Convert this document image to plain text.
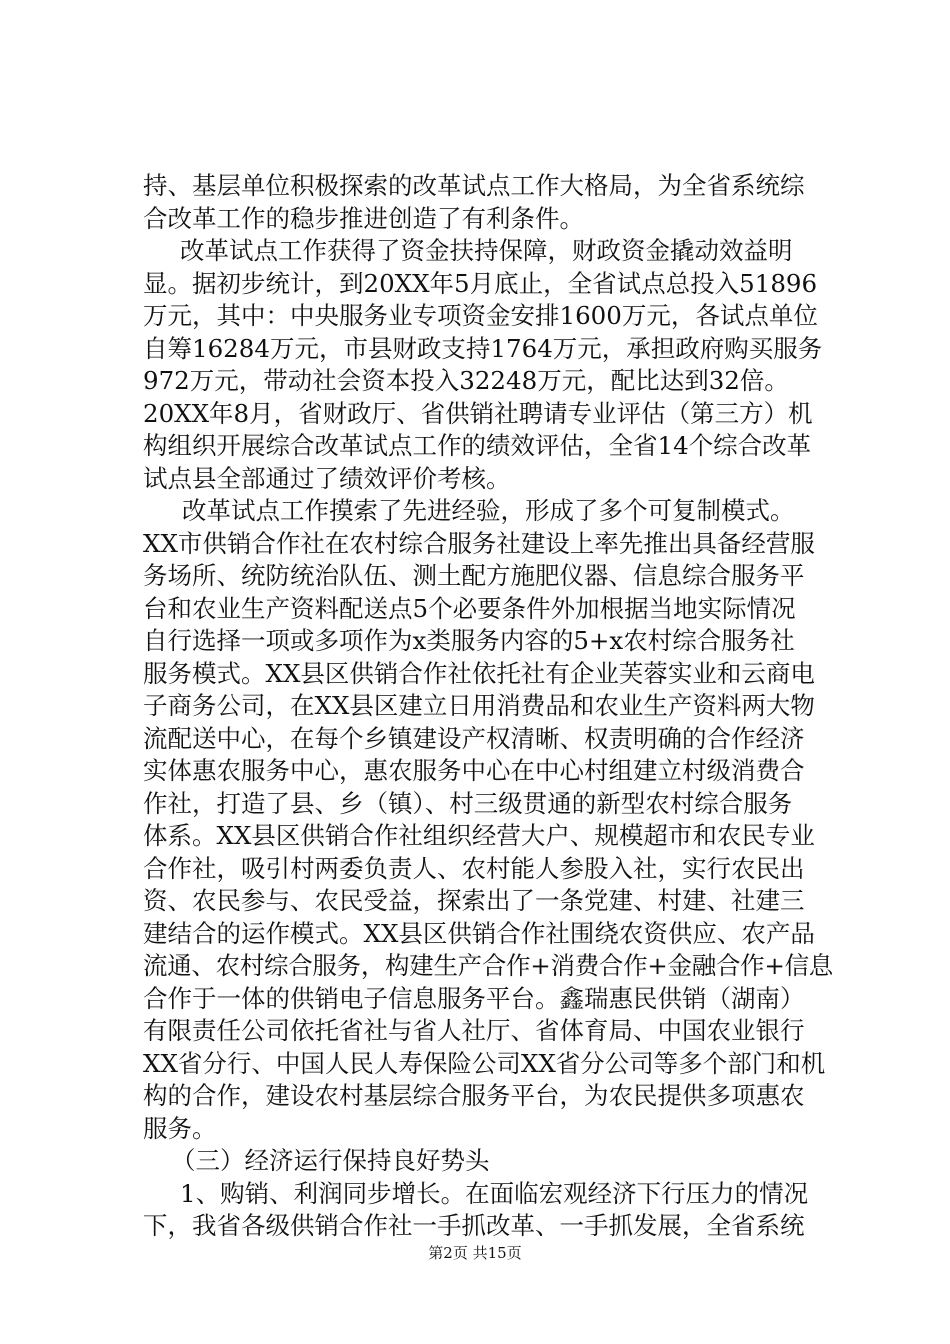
持、基层单位积极探索的改革试点工作大格局，为全省系统综
合改革工作的稳步推进创造了有利条件。
改革试点工作获得了资金扶持保障，财政资金撬动效益明
显。据初步统计，到20XX年5月底止，全省试点总投入51896
万元，其中：中央服务业专项资金安排1600万元，各试点单位
自筹16284万元，市县财政支持1764万元，承担政府购买服务
972万元，带动社会资本投入32248万元，配比达到32倍。
20XX年8月，省财政厅、省供销社聘请专业评估（第三方）机
构组织开展综合改革试点工作的绩效评估，全省14个综合改革
试点县全部通过了绩效评价考核。
改革试点工作摸索了先进经验，形成了多个可复制模式。
XX市供销合作社在农村综合服务社建设上率先推出具备经营服
务场所、统防统治队伍、测土配方施肥仪器、信息综合服务平
台和农业生产资料配送点5个必要条件外加根据当地实际情况
自行选择一项或多项作为x类服务内容的5+x农村综合服务社
服务模式。XX县区供销合作社依托社有企业芙蓉实业和云商电
子商务公司，在XX县区建立日用消费品和农业生产资料两大物
流配送中心，在每个乡镇建设产权清晰、权责明确的合作经济
实体惠农服务中心，惠农服务中心在中心村组建立村级消费合
作社，打造了县、乡（镇）、村三级贯通的新型农村综合服务
体系。XX县区供销合作社组织经营大户、规模超市和农民专业
合作社，吸引村两委负责人、农村能人参股入社，实行农民出
资、农民参与、农民受益，探索出了一条党建、村建、社建三
建结合的运作模式。XX县区供销合作社围绕农资供应、农产品
流通、农村综合服务，构建生产合作+消费合作+金融合作+信息
合作于一体的供销电子信息服务平台。鑫瑞惠民供销（湖南）
有限责任公司依托省社与省人社厅、省体育局、中国农业银行
XX省分行、中国人民人寿保险公司XX省分公司等多个部门和机
构的合作，建设农村基层综合服务平台，为农民提供多项惠农
服务。
（三）经济运行保持良好势头
1、购销、利润同步增长。在面临宏观经济下行压力的情况
下，我省各级供销合作社一手抓改革、一手抓发展，全省系统
第2页 共15页
